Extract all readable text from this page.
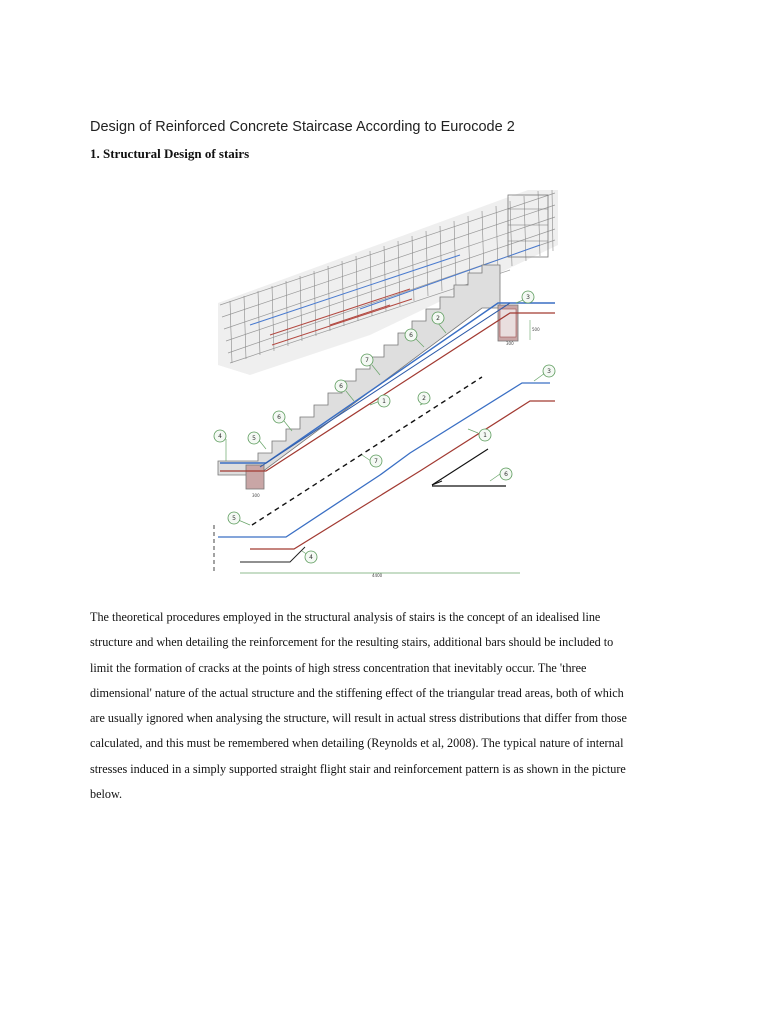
Design of Reinforced Concrete Staircase According to Eurocode 2
1. Structural Design of stairs
300
300
500
4400
3
2
6
7
6
6
5
4
1	2
3
1
7
6
5
4
The theoretical procedures employed in the structural analysis of stairs is the concept of an idealised line
structure and when detailing the reinforcement for the resulting stairs, additional bars should be included to
limit the formation of cracks at the points of high stress concentration that inevitably occur. The 'three
dimensional' nature of the actual structure and the stiffening effect of the triangular tread areas, both of which
are usually ignored when analysing the structure, will result in actual stress distributions that differ from those
calculated, and this must be remembered when detailing (Reynolds et al, 2008). The typical nature of internal
stresses induced in a simply supported straight flight stair and reinforcement pattern is as shown in the picture
below.
